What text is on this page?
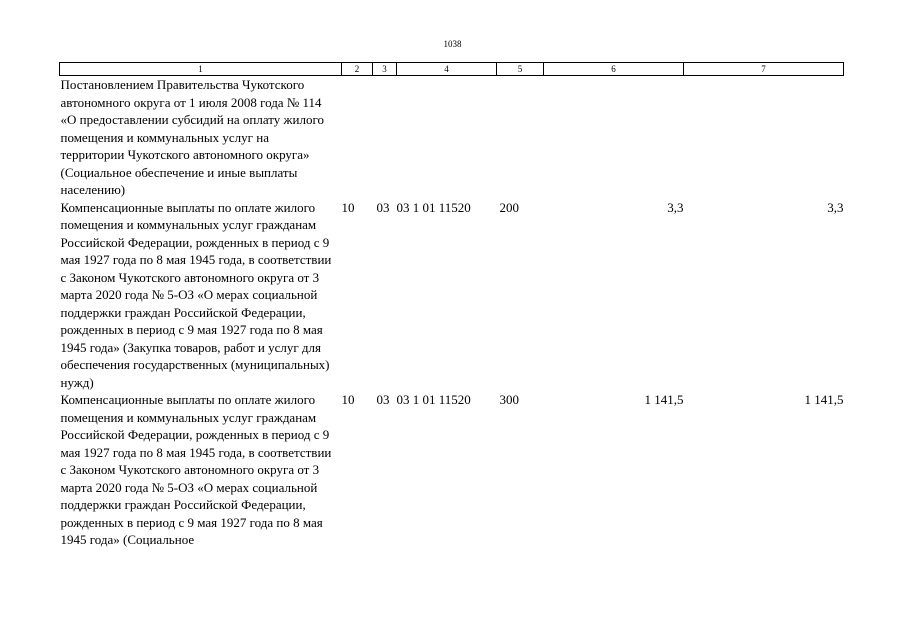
1038
1	2	3	4	5	6	7
Постановлением Правительства Чукотского автономного округа от 1 июля 2008 года № 114 «О предоставлении субсидий на оплату жилого помещения и коммунальных услуг на территории Чукотского автономного округа» (Социальное обеспечение и иные выплаты населению)						
Компенсационные выплаты по оплате жилого помещения и коммунальных услуг гражданам Российской Федерации, рожденных в период с 9 мая 1927 года по 8 мая 1945 года, в соответствии с Законом Чукотского автономного округа от 3 марта 2020 года № 5-ОЗ «О мерах социальной поддержки граждан Российской Федерации, рожденных в период с 9 мая 1927 года по 8 мая 1945 года» (Закупка товаров, работ и услуг для обеспечения государственных (муниципальных) нужд)	10	03	03 1 01 11520	200	3,3	3,3
Компенсационные выплаты по оплате жилого помещения и коммунальных услуг гражданам Российской Федерации, рожденных в период с 9 мая 1927 года по 8 мая 1945 года, в соответствии с Законом Чукотского автономного округа от 3 марта 2020 года № 5-ОЗ «О мерах социальной поддержки граждан Российской Федерации, рожденных в период с 9 мая 1927 года по 8 мая 1945 года» (Социальное	10	03	03 1 01 11520	300	1 141,5	1 141,5
